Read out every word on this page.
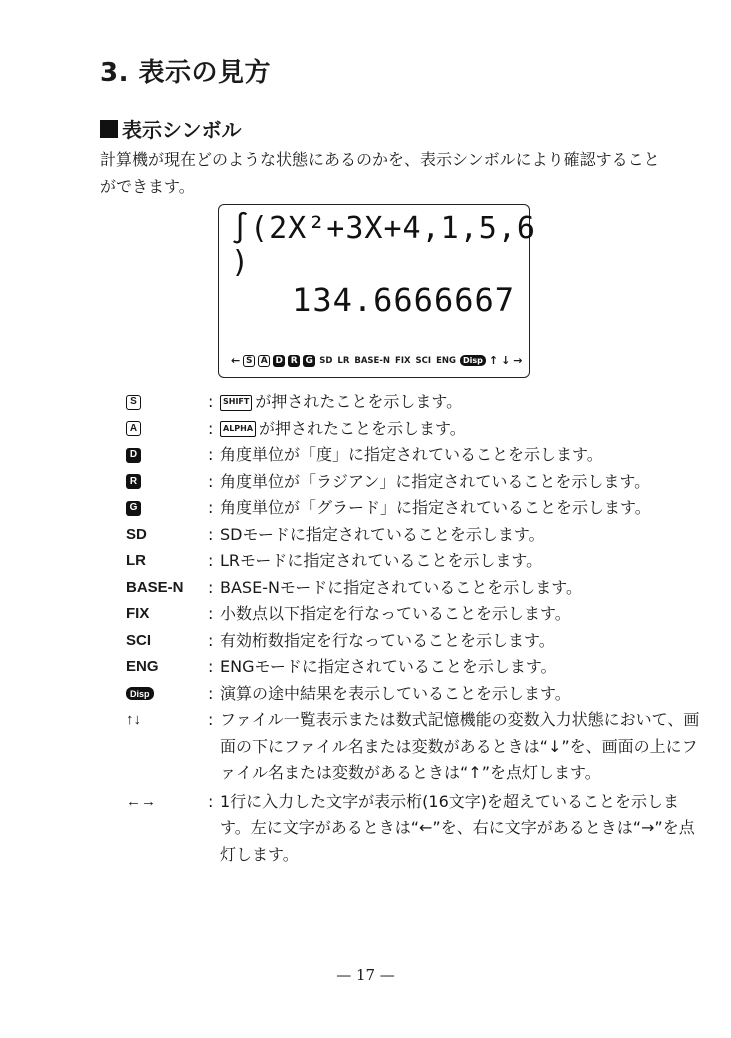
3. 表示の見方
表示シンボル
計算機が現在どのような状態にあるのかを、表示シンボルにより確認することができます。
∫(2X²+3X+4,1,5,6
)
134.6666667
← S A D R G SD LR BASE-N FIX SCI ENG Disp ↑ ↓ →
S	:	SHIFT が押されたことを示します。
A	:	ALPHA が押されたことを示します。
D	: 角度単位が「度」に指定されていることを示します。
R	: 角度単位が「ラジアン」に指定されていることを示します。
G	: 角度単位が「グラード」に指定されていることを示します。
SD	: SDモードに指定されていることを示します。
LR	: LRモードに指定されていることを示します。
BASE-N	: BASE-Nモードに指定されていることを示します。
FIX	: 小数点以下指定を行なっていることを示します。
SCI	: 有効桁数指定を行なっていることを示します。
ENG	: ENGモードに指定されていることを示します。
Disp	: 演算の途中結果を表示していることを示します。
↑↓	: ファイル一覧表示または数式記憶機能の変数入力状態において、画面の下にファイル名または変数があるときは“↓”を、画面の上にファイル名または変数があるときは“↑”を点灯します。
←→	: 1行に入力した文字が表示桁(16文字)を超えていることを示します。左に文字があるときは“←”を、右に文字があるときは“→”を点灯します。
— 17 —
